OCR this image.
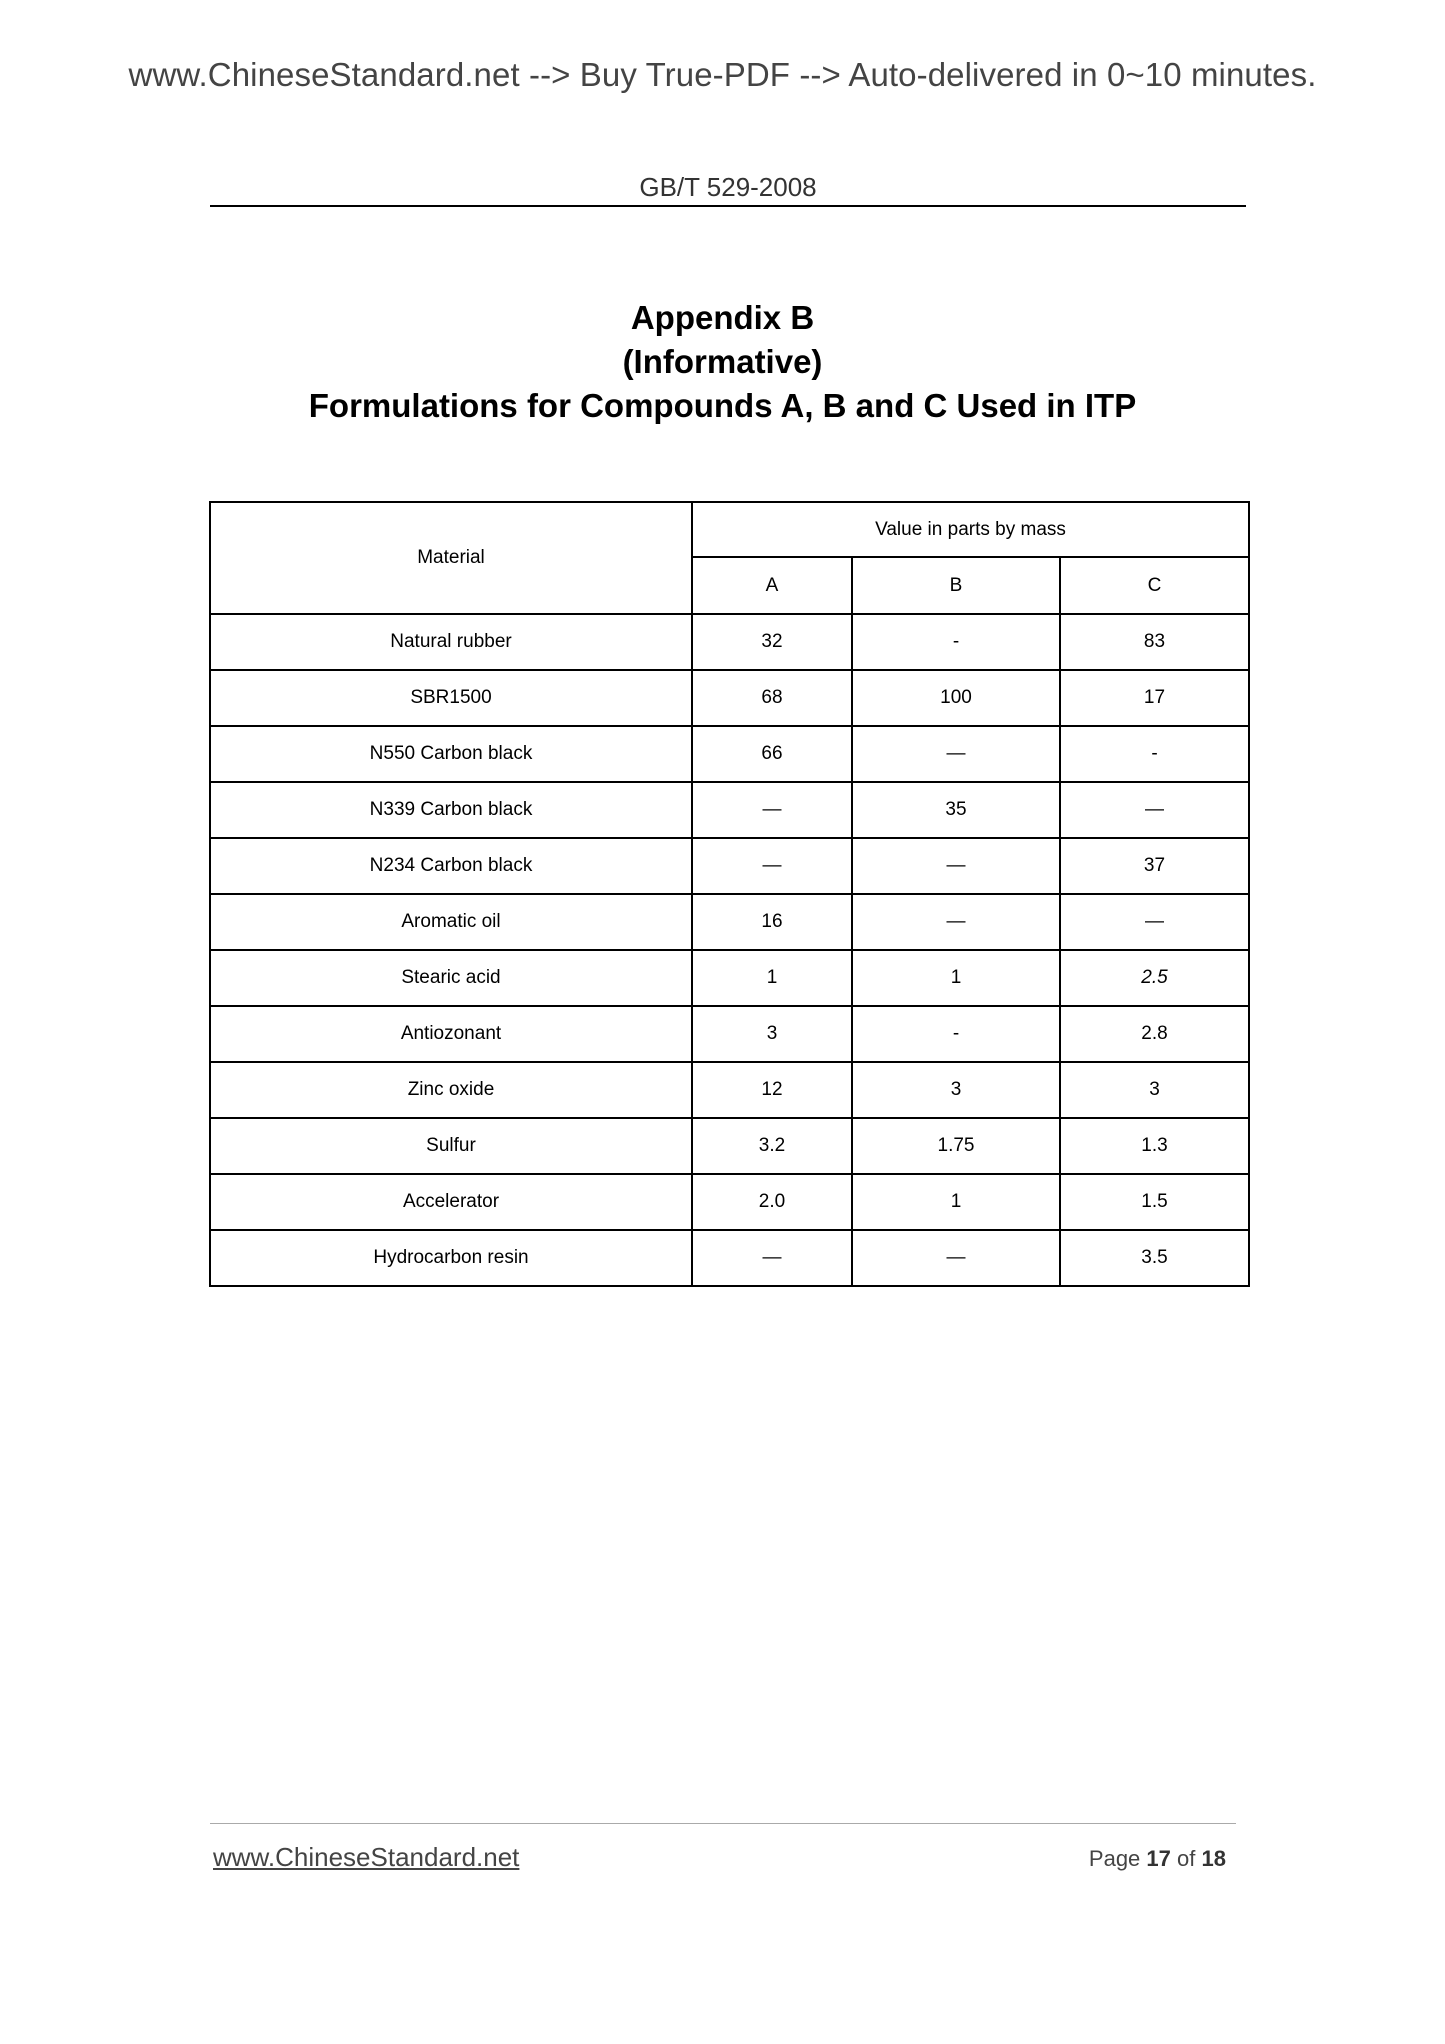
www.ChineseStandard.net --> Buy True-PDF --> Auto-delivered in 0~10 minutes.
GB/T 529-2008
Appendix B
(Informative)
Formulations for Compounds A, B and C Used in ITP
Material	Value in parts by mass		
	A	B	C
Natural rubber	32	-	83
SBR1500	68	100	17
N550 Carbon black	66	—	-
N339 Carbon black	—	35	—
N234 Carbon black	—	—	37
Aromatic oil	16	—	—
Stearic acid	1	1	2.5
Antiozonant	3	-	2.8
Zinc oxide	12	3	3
Sulfur	3.2	1.75	1.3
Accelerator	2.0	1	1.5
Hydrocarbon resin	—	—	3.5
www.ChineseStandard.net	Page 17 of 18
